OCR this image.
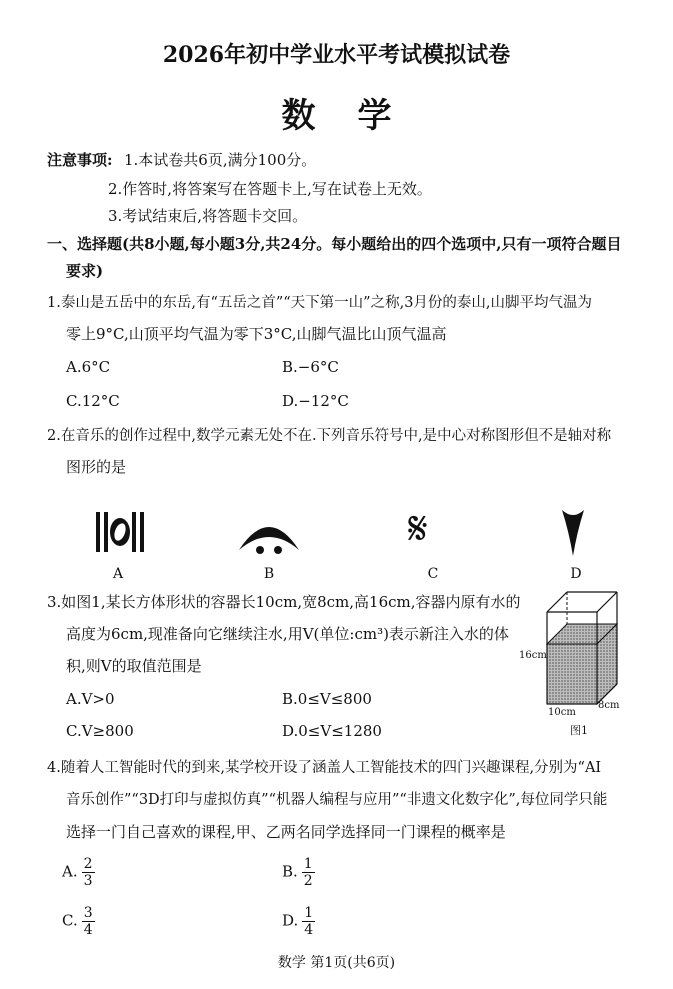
2026年初中学业水平考试模拟试卷
数学
注意事项: 1.本试卷共6页,满分100分。
2.作答时,将答案写在答题卡上,写在试卷上无效。
3.考试结束后,将答题卡交回。
一、选择题(共8小题,每小题3分,共24分。每小题给出的四个选项中,只有一项符合题目
要求)
1.泰山是五岳中的东岳,有“五岳之首”“天下第一山”之称,3月份的泰山,山脚平均气温为
零上9°C,山顶平均气温为零下3°C,山脚气温比山顶气温高
A.6°C	B.−6°C
C.12°C	D.−12°C
2.在音乐的创作过程中,数学元素无处不在.下列音乐符号中,是中心对称图形但不是轴对称
图形的是
𝄋
A	B	C	D
3.如图1,某长方体形状的容器长10cm,宽8cm,高16cm,容器内原有水的
高度为6cm,现准备向它继续注水,用V(单位:cm³)表示新注入水的体
积,则V的取值范围是
A.V>0	B.0≤V≤800
C.V≥800	D.0≤V≤1280
16cm
10cm
8cm
图1
4.随着人工智能时代的到来,某学校开设了涵盖人工智能技术的四门兴趣课程,分别为“AI
音乐创作”“3D打印与虚拟仿真”“机器人编程与应用”“非遗文化数字化”,每位同学只能
选择一门自己喜欢的课程,甲、乙两名同学选择同一门课程的概率是
A. $\frac{2}{3}$	B. $\frac{1}{2}$
C. $\frac{3}{4}$	D. $\frac{1}{4}$
数学 第1页(共6页)
